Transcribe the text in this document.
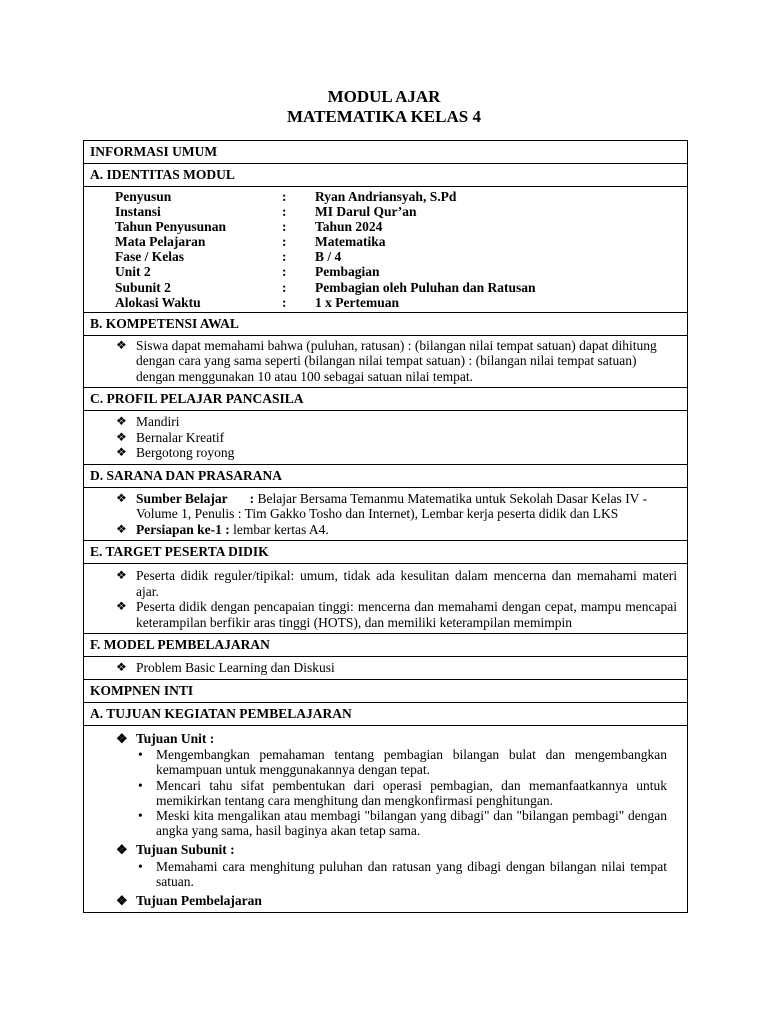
MODUL AJAR
MATEMATIKA KELAS 4
INFORMASI UMUM
A. IDENTITAS MODUL
Penyusun	:	Ryan Andriansyah, S.Pd
Instansi	:	MI Darul Qur’an
Tahun Penyusunan	:	Tahun 2024
Mata Pelajaran	:	Matematika
Fase / Kelas	:	B / 4
Unit 2	:	Pembagian
Subunit 2	:	Pembagian oleh Puluhan dan Ratusan
Alokasi Waktu	:	1 x Pertemuan
B. KOMPETENSI AWAL
❖ Siswa dapat memahami bahwa (puluhan, ratusan) : (bilangan nilai tempat satuan) dapat dihitung dengan cara yang sama seperti (bilangan nilai tempat satuan) : (bilangan nilai tempat satuan) dengan menggunakan 10 atau 100 sebagai satuan nilai tempat.
C. PROFIL PELAJAR PANCASILA
❖ Mandiri
❖ Bernalar Kreatif
❖ Bergotong royong
D. SARANA DAN PRASARANA
❖ Sumber Belajar : Belajar Bersama Temanmu Matematika untuk Sekolah Dasar Kelas IV - Volume 1, Penulis : Tim Gakko Tosho dan Internet), Lembar kerja peserta didik dan LKS
❖ Persiapan ke-1 : lembar kertas A4.
E. TARGET PESERTA DIDIK
❖ Peserta didik reguler/tipikal: umum, tidak ada kesulitan dalam mencerna dan memahami materi ajar.
❖ Peserta didik dengan pencapaian tinggi: mencerna dan memahami dengan cepat, mampu mencapai keterampilan berfikir aras tinggi (HOTS), dan memiliki keterampilan memimpin
F. MODEL PEMBELAJARAN
❖ Problem Basic Learning dan Diskusi
KOMPNEN INTI
A. TUJUAN KEGIATAN PEMBELAJARAN
❖ Tujuan Unit :
• Mengembangkan pemahaman tentang pembagian bilangan bulat dan mengembangkan kemampuan untuk menggunakannya dengan tepat.
• Mencari tahu sifat pembentukan dari operasi pembagian, dan memanfaatkannya untuk memikirkan tentang cara menghitung dan mengkonfirmasi penghitungan.
• Meski kita mengalikan atau membagi "bilangan yang dibagi" dan "bilangan pembagi" dengan angka yang sama, hasil baginya akan tetap sama.
❖ Tujuan Subunit :
• Memahami cara menghitung puluhan dan ratusan yang dibagi dengan bilangan nilai tempat satuan.
❖ Tujuan Pembelajaran
